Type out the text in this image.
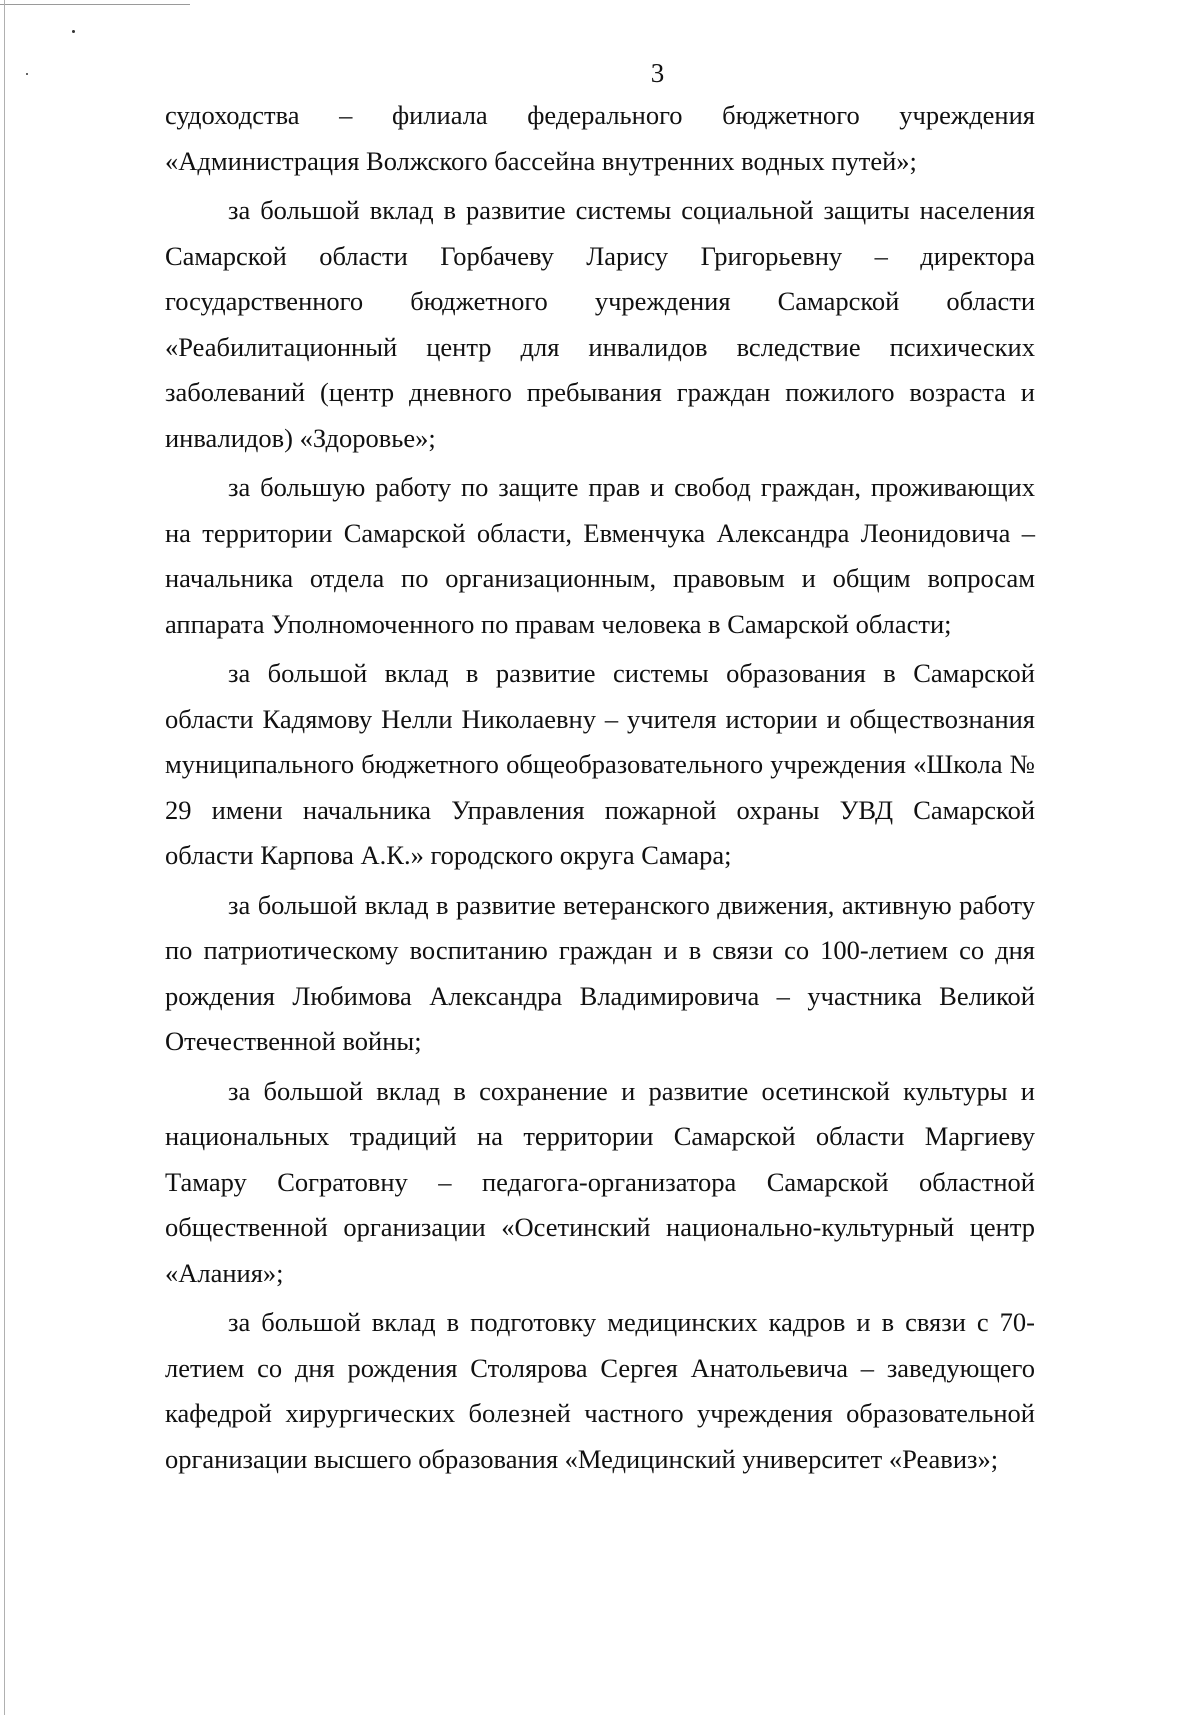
3

судоходства – филиала федерального бюджетного учреждения «Администрация Волжского бассейна внутренних водных путей»;

за большой вклад в развитие системы социальной защиты населения Самарской области Горбачеву Ларису Григорьевну – директора государственного бюджетного учреждения Самарской области «Реабилитационный центр для инвалидов вследствие психических заболеваний (центр дневного пребывания граждан пожилого возраста и инвалидов) «Здоровье»;

за большую работу по защите прав и свобод граждан, проживающих на территории Самарской области, Евменчука Александра Леонидовича – начальника отдела по организационным, правовым и общим вопросам аппарата Уполномоченного по правам человека в Самарской области;

за большой вклад в развитие системы образования в Самарской области Кадямову Нелли Николаевну – учителя истории и обществознания муниципального бюджетного общеобразовательного учреждения «Школа № 29 имени начальника Управления пожарной охраны УВД Самарской области Карпова А.К.» городского округа Самара;

за большой вклад в развитие ветеранского движения, активную работу по патриотическому воспитанию граждан и в связи со 100-летием со дня рождения Любимова Александра Владимировича – участника Великой Отечественной войны;

за большой вклад в сохранение и развитие осетинской культуры и национальных традиций на территории Самарской области Маргиеву Тамару Согратовну – педагога-организатора Самарской областной общественной организации «Осетинский национально-культурный центр «Алания»;

за большой вклад в подготовку медицинских кадров и в связи с 70-летием со дня рождения Столярова Сергея Анатольевича – заведующего кафедрой хирургических болезней частного учреждения образовательной организации высшего образования «Медицинский университет «Реавиз»;
